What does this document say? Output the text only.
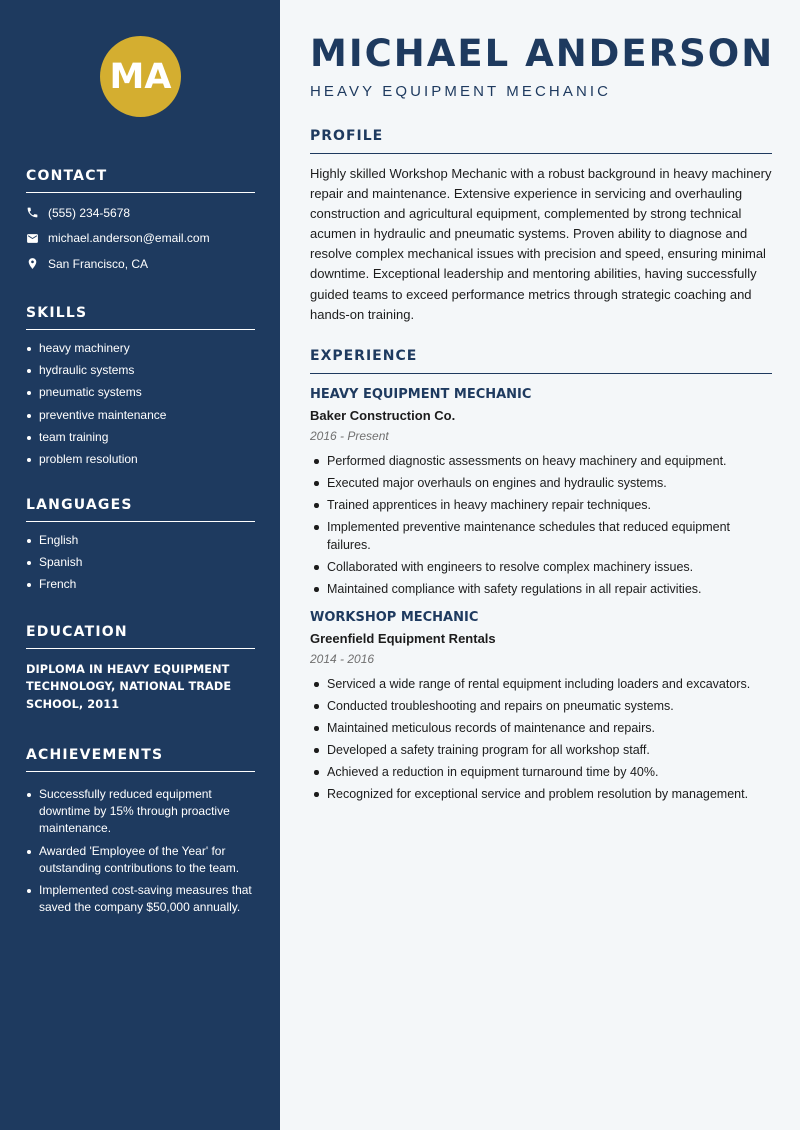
MA
CONTACT
(555) 234-5678
michael.anderson@email.com
San Francisco, CA
SKILLS
heavy machinery
hydraulic systems
pneumatic systems
preventive maintenance
team training
problem resolution
LANGUAGES
English
Spanish
French
EDUCATION

DIPLOMA IN HEAVY EQUIPMENT TECHNOLOGY, NATIONAL TRADE SCHOOL, 2011

ACHIEVEMENTS
Successfully reduced equipment downtime by 15% through proactive maintenance.
Awarded 'Employee of the Year' for outstanding contributions to the team.
Implemented cost-saving measures that saved the company $50,000 annually.
MICHAEL ANDERSON
HEAVY EQUIPMENT MECHANIC
PROFILE

Highly skilled Workshop Mechanic with a robust background in heavy machinery repair and maintenance. Extensive experience in servicing and overhauling construction and agricultural equipment, complemented by strong technical acumen in hydraulic and pneumatic systems. Proven ability to diagnose and resolve complex mechanical issues with precision and speed, ensuring minimal downtime. Exceptional leadership and mentoring abilities, having successfully guided teams to exceed performance metrics through strategic coaching and hands-on training.

EXPERIENCE
HEAVY EQUIPMENT MECHANIC
Baker Construction Co.
2016 - Present
Performed diagnostic assessments on heavy machinery and equipment.
Executed major overhauls on engines and hydraulic systems.
Trained apprentices in heavy machinery repair techniques.
Implemented preventive maintenance schedules that reduced equipment failures.
Collaborated with engineers to resolve complex machinery issues.
Maintained compliance with safety regulations in all repair activities.
WORKSHOP MECHANIC
Greenfield Equipment Rentals
2014 - 2016
Serviced a wide range of rental equipment including loaders and excavators.
Conducted troubleshooting and repairs on pneumatic systems.
Maintained meticulous records of maintenance and repairs.
Developed a safety training program for all workshop staff.
Achieved a reduction in equipment turnaround time by 40%.
Recognized for exceptional service and problem resolution by management.
